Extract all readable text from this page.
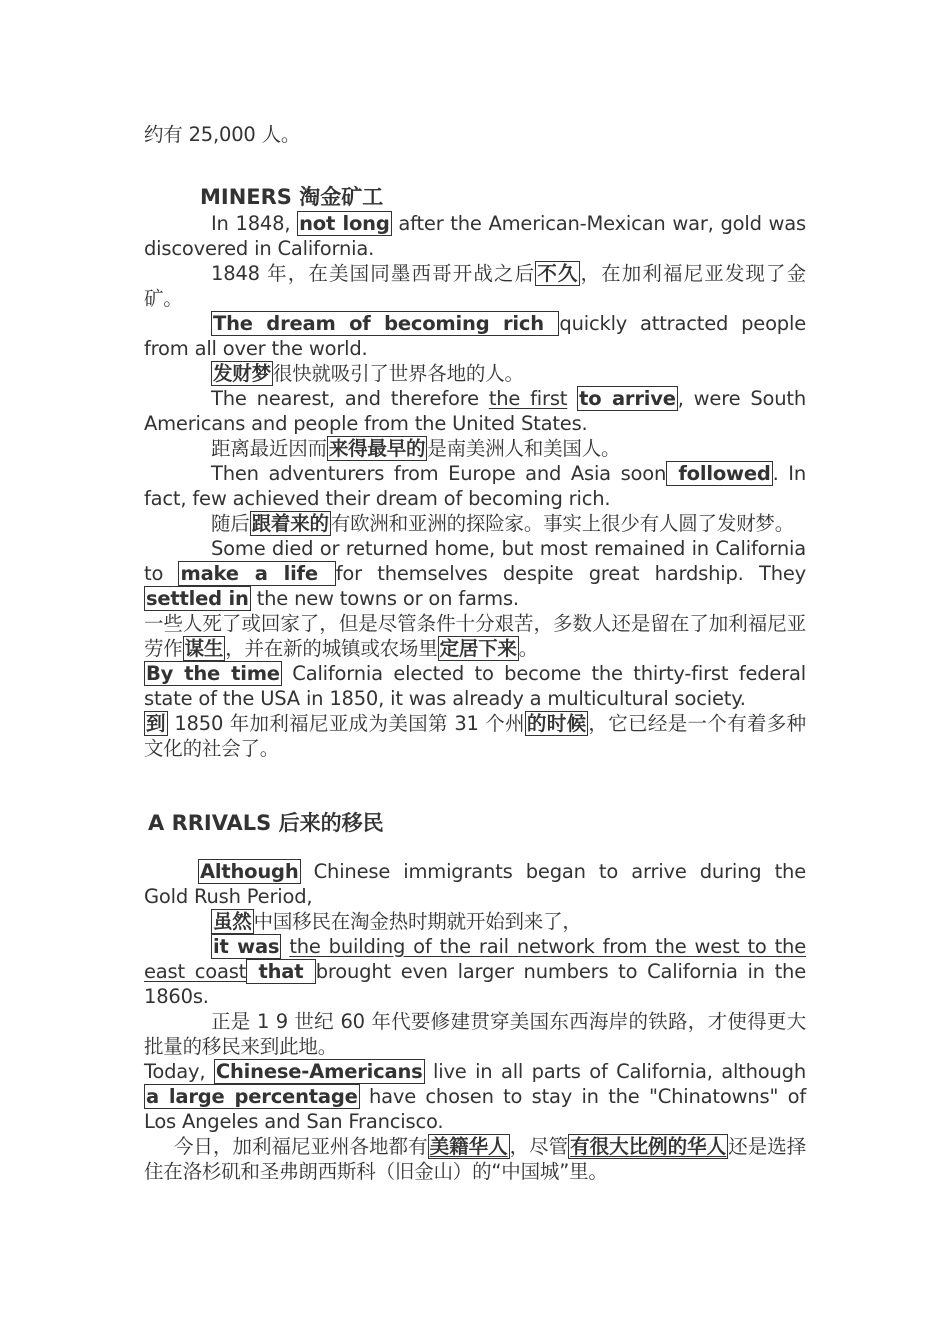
约有 25,000 人。

MINERS 淘金矿工

In 1848, not long after the American-Mexican war, gold was discovered in California.

1848 年，在美国同墨西哥开战之后 不久 ，在加利福尼亚发现了金矿。

The dream of becoming rich quickly attracted people from all over the world.

发财梦 很快就吸引了世界各地的人。

The nearest, and therefore the first to arrive , were South Americans and people from the United States.

距离最近因而 来得最早的 是南美洲人和美国人。

Then adventurers from Europe and Asia soon followed . In fact, few achieved their dream of becoming rich.

随后 跟着来的 有欧洲和亚洲的探险家。事实上很少有人圆了发财梦。

Some died or returned home, but most remained in California to make a life for themselves despite great hardship. They settled in the new towns or on farms.

一些人死了或回家了，但是尽管条件十分艰苦，多数人还是留在了加利福尼亚劳作 谋生 ，并在新的城镇或农场里 定居下来 。

By the time California elected to become the thirty-first federal state of the USA in 1850, it was already a multicultural society.

到 1850 年加利福尼亚成为美国第 31 个州 的时候 ，它已经是一个有着多种文化的社会了。

A RRIVALS 后来的移民

Although Chinese immigrants began to arrive during the Gold Rush Period,

虽然 中国移民在淘金热时期就开始到来了，

it was the building of the rail network from the west to the east coast that brought even larger numbers to California in the 1860s.

正是 1 9 世纪 60 年代要修建贯穿美国东西海岸的铁路，才使得更大批量的移民来到此地。

Today, Chinese-Americans live in all parts of California, although a large percentage have chosen to stay in the "Chinatowns" of Los Angeles and San Francisco.

今日，加利福尼亚州各地都有 美籍华人 ，尽管 有很大比例的华人 还是选择住在洛杉矶和圣弗朗西斯科（旧金山）的“中国城”里。
